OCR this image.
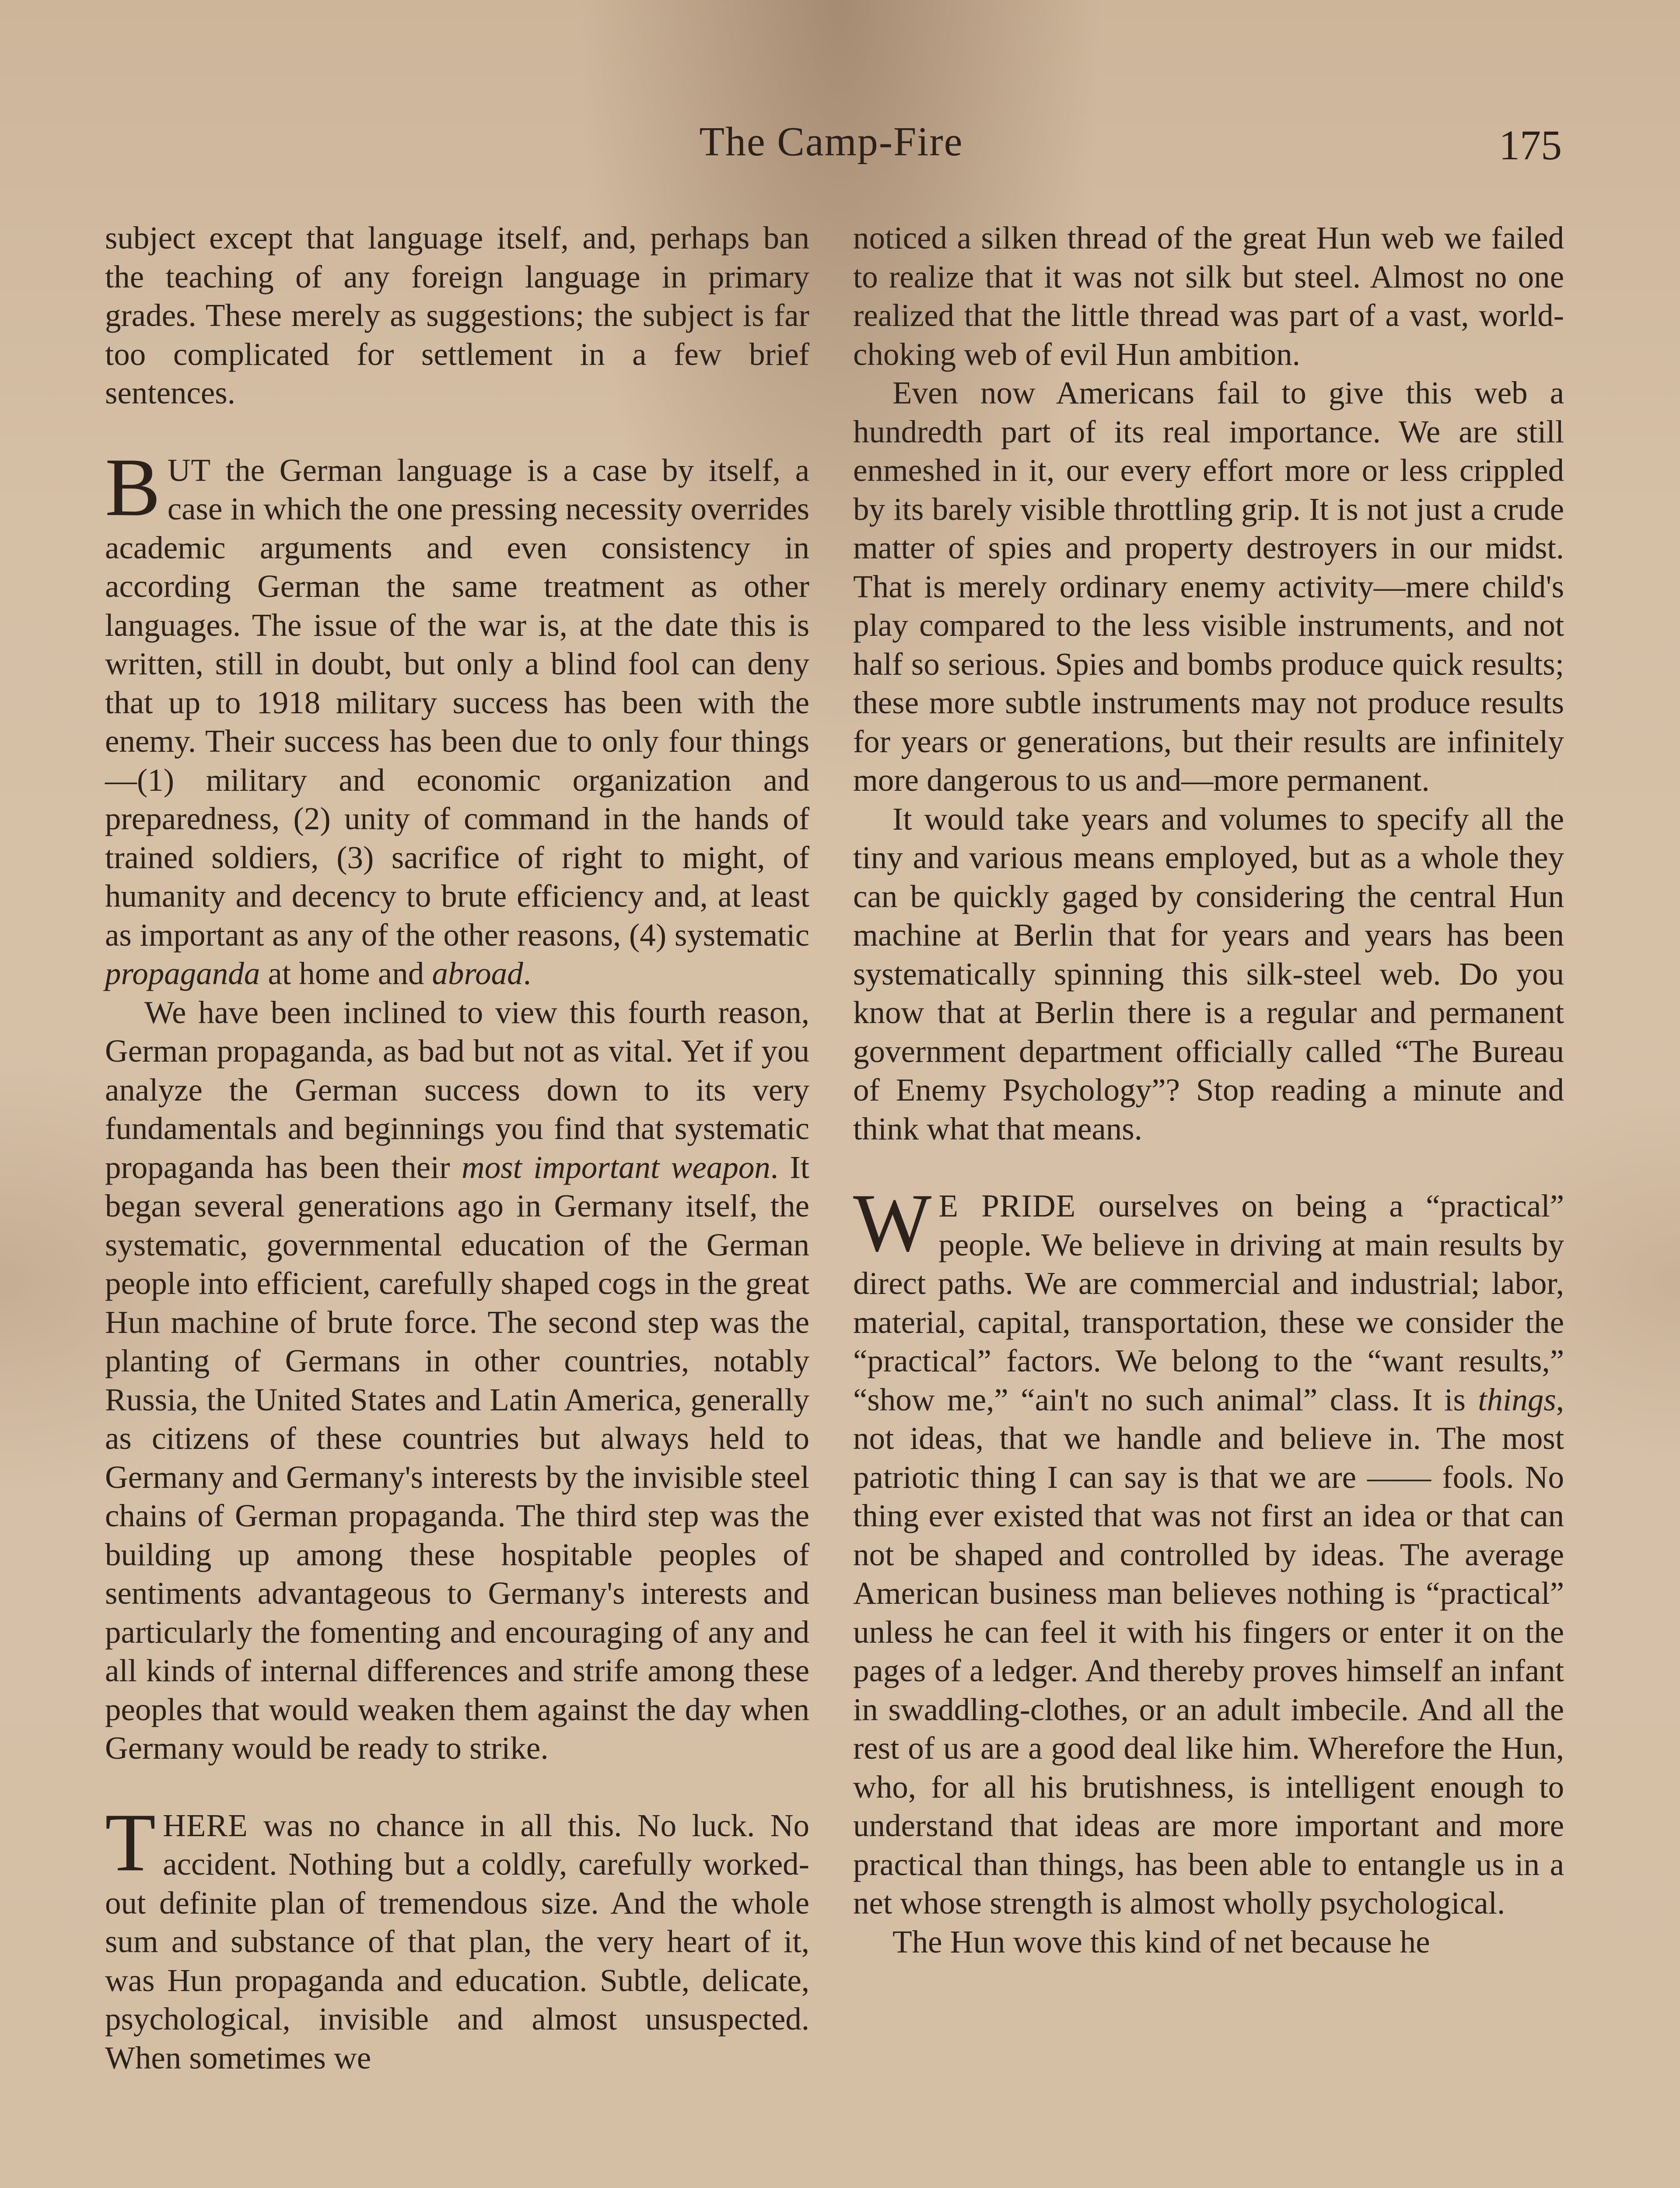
The Camp-Fire	175

subject except that language itself, and, perhaps ban the teaching of any foreign language in primary grades. These merely as suggestions; the subject is far too complicated for settlement in a few brief sentences.

BUT the German language is a case by itself, a case in which the one pressing necessity overrides academic arguments and even consistency in according German the same treatment as other languages. The issue of the war is, at the date this is written, still in doubt, but only a blind fool can deny that up to 1918 military success has been with the enemy. Their success has been due to only four things—(1) military and economic organization and preparedness, (2) unity of command in the hands of trained soldiers, (3) sacrifice of right to might, of humanity and decency to brute efficiency and, at least as important as any of the other reasons, (4) systematic propaganda at home and abroad.

We have been inclined to view this fourth reason, German propaganda, as bad but not as vital. Yet if you analyze the German success down to its very fundamentals and beginnings you find that systematic propaganda has been their most important weapon. It began several generations ago in Germany itself, the systematic, governmental education of the German people into efficient, carefully shaped cogs in the great Hun machine of brute force. The second step was the planting of Germans in other countries, notably Russia, the United States and Latin America, generally as citizens of these countries but always held to Germany and Germany's interests by the invisible steel chains of German propaganda. The third step was the building up among these hospitable peoples of sentiments advantageous to Germany's interests and particularly the fomenting and encouraging of any and all kinds of internal differences and strife among these peoples that would weaken them against the day when Germany would be ready to strike.

THERE was no chance in all this. No luck. No accident. Nothing but a coldly, carefully worked-out definite plan of tremendous size. And the whole sum and substance of that plan, the very heart of it, was Hun propaganda and education. Subtle, delicate, psychological, invisible and almost unsuspected. When sometimes we

noticed a silken thread of the great Hun web we failed to realize that it was not silk but steel. Almost no one realized that the little thread was part of a vast, world-choking web of evil Hun ambition.

Even now Americans fail to give this web a hundredth part of its real importance. We are still enmeshed in it, our every effort more or less crippled by its barely visible throttling grip. It is not just a crude matter of spies and property destroyers in our midst. That is merely ordinary enemy activity—mere child's play compared to the less visible instruments, and not half so serious. Spies and bombs produce quick results; these more subtle instruments may not produce results for years or generations, but their results are infinitely more dangerous to us and—more permanent.

It would take years and volumes to specify all the tiny and various means employed, but as a whole they can be quickly gaged by considering the central Hun machine at Berlin that for years and years has been systematically spinning this silk-steel web. Do you know that at Berlin there is a regular and permanent government department officially called “The Bureau of Enemy Psychology”? Stop reading a minute and think what that means.

W E PRIDE ourselves on being a “practical” people. We believe in driving at main results by direct paths. We are commercial and industrial; labor, material, capital, transportation, these we consider the “practical” factors. We belong to the “want results,” “show me,” “ain't no such animal” class. It is things, not ideas, that we handle and believe in. The most patriotic thing I can say is that we are —— fools. No thing ever existed that was not first an idea or that can not be shaped and controlled by ideas. The average American business man believes nothing is “practical” unless he can feel it with his fingers or enter it on the pages of a ledger. And thereby proves himself an infant in swaddling-clothes, or an adult imbecile. And all the rest of us are a good deal like him. Wherefore the Hun, who, for all his brutishness, is intelligent enough to understand that ideas are more important and more practical than things, has been able to entangle us in a net whose strength is almost wholly psychological.

The Hun wove this kind of net because he
